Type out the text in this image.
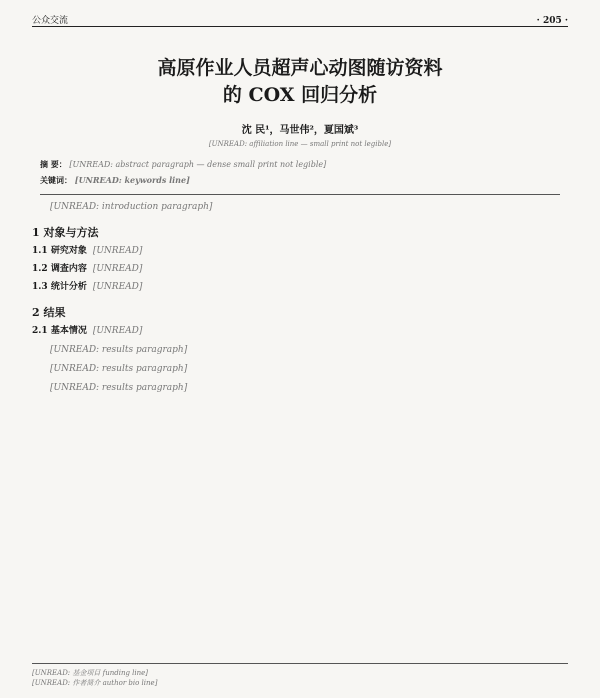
公众交流	· 205 ·
高原作业人员超声心动图随访资料
的 COX 回归分析
沈 民¹，马世伟²，夏国斌³
[UNREAD: affiliation line — small print not legible]
摘 要： [UNREAD: abstract paragraph — dense small print not legible]
关键词： [UNREAD: keywords line]
[UNREAD: introduction paragraph]
1 对象与方法
1.1 研究对象 [UNREAD]
1.2 调查内容 [UNREAD]
1.3 统计分析 [UNREAD]
2 结果
2.1 基本情况 [UNREAD]
[UNREAD: results paragraph]
[UNREAD: results paragraph]
[UNREAD: results paragraph]
[UNREAD: 基金项目 funding line]
[UNREAD: 作者简介 author bio line]
